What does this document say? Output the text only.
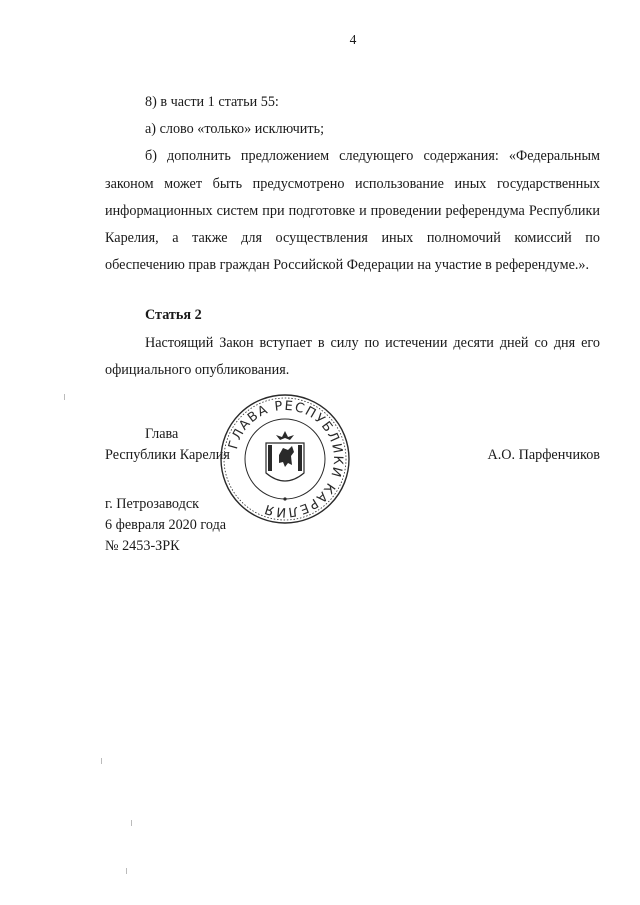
4

8) в части 1 статьи 55:

а) слово «только» исключить;

б) дополнить предложением следующего содержания: «Федеральным законом может быть предусмотрено использование иных государственных информационных систем при подготовке и проведении референдума Республики Карелия, а также для осуществления иных полномочий комиссий по обеспечению прав граждан Российской Федерации на участие в референдуме.».

Статья 2

Настоящий Закон вступает в силу по истечении десяти дней со дня его официального опубликования.

Глава
Республики Карелия	А.О. Парфенчиков
г. Петрозаводск
6 февраля 2020 года
№ 2453-ЗРК
ГЛАВА РЕСПУБЛИКИ КАРЕЛИЯ
